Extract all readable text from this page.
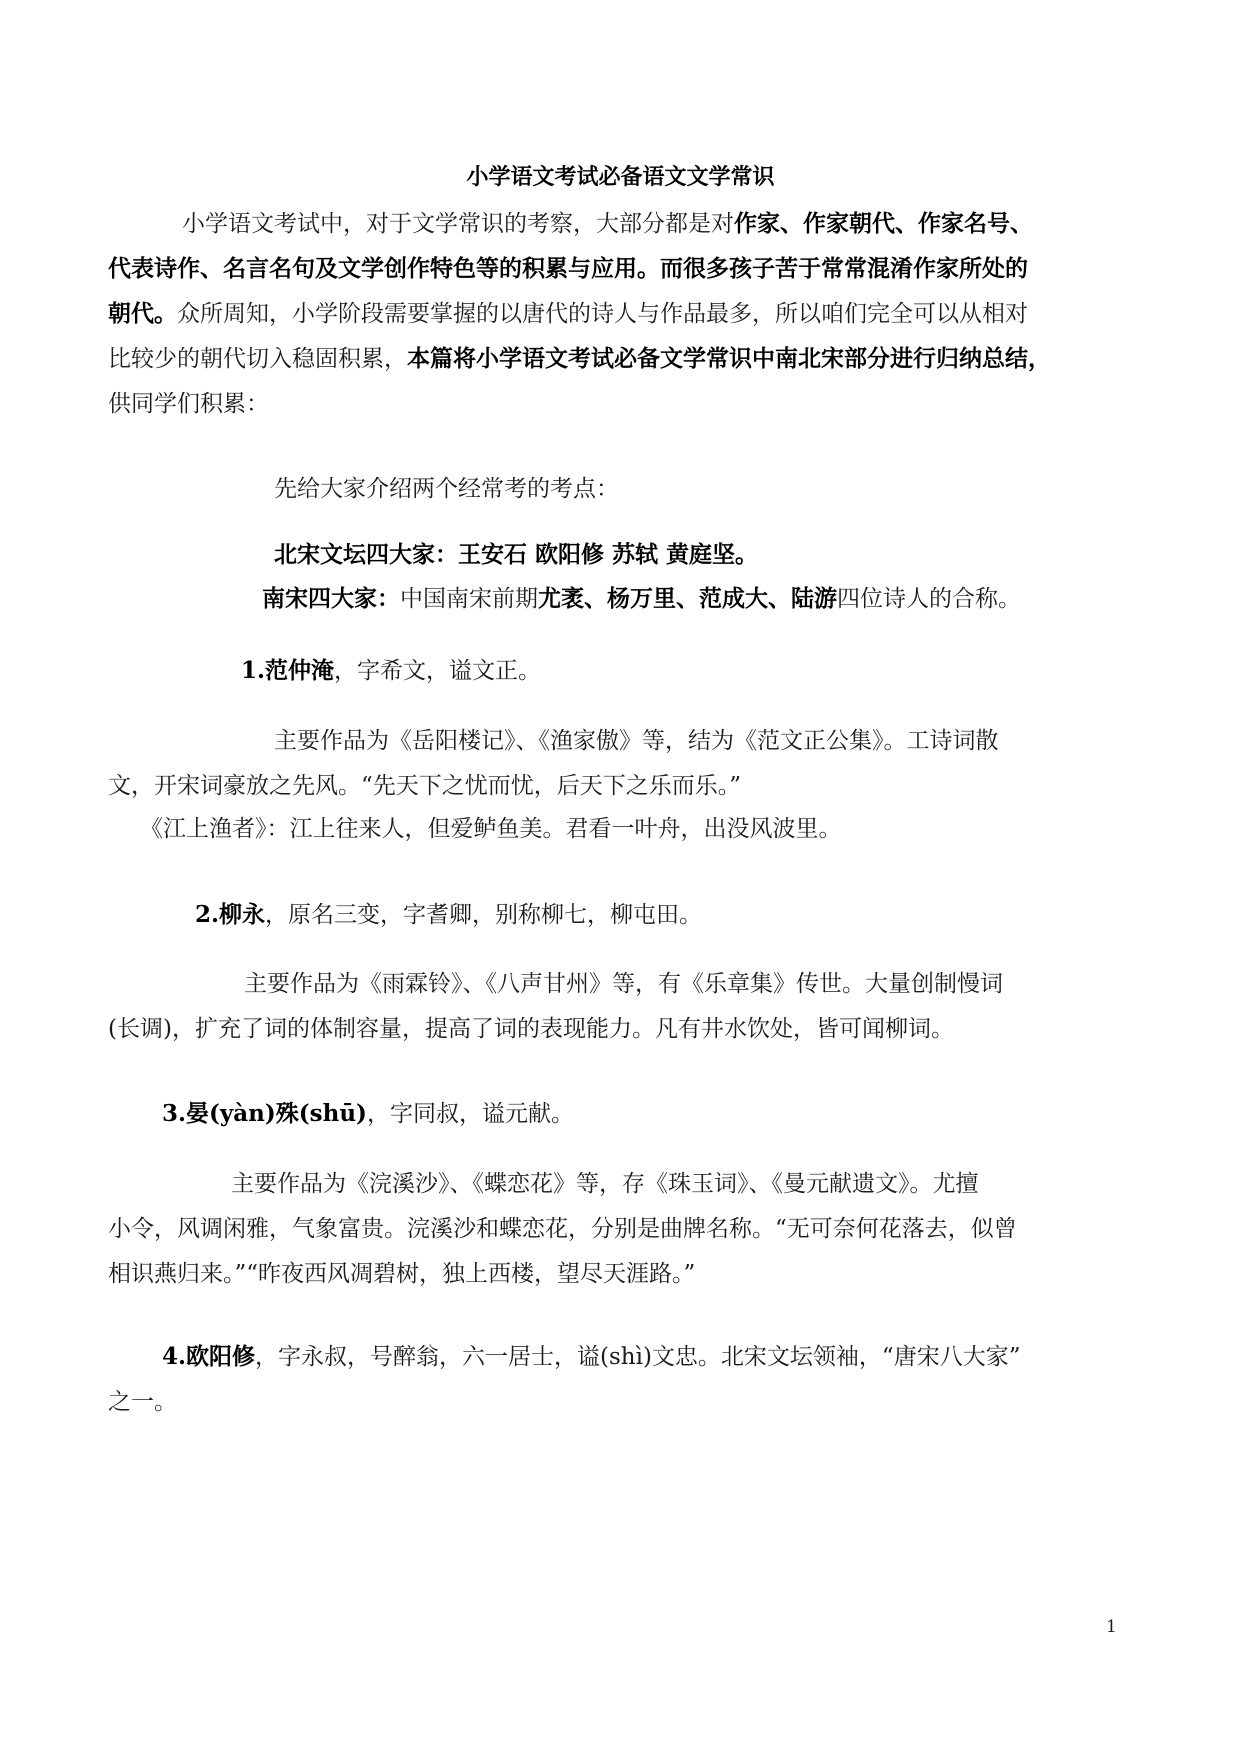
小学语文考试必备语文文学常识
小学语文考试中，对于文学常识的考察，大部分都是对作家、作家朝代、作家名号、
代表诗作、名言名句及文学创作特色等的积累与应用。而很多孩子苦于常常混淆作家所处的
朝代。众所周知，小学阶段需要掌握的以唐代的诗人与作品最多，所以咱们完全可以从相对
比较少的朝代切入稳固积累，本篇将小学语文考试必备文学常识中南北宋部分进行归纳总结，
供同学们积累：
先给大家介绍两个经常考的考点：
北宋文坛四大家：王安石 欧阳修 苏轼 黄庭坚。
南宋四大家：中国南宋前期尤袤、杨万里、范成大、陆游四位诗人的合称。
1.范仲淹，字希文，谥文正。
主要作品为《岳阳楼记》、《渔家傲》等，结为《范文正公集》。工诗词散
文，开宋词豪放之先风。“先天下之忧而忧，后天下之乐而乐。”
《江上渔者》：江上往来人，但爱鲈鱼美。君看一叶舟，出没风波里。
2.柳永，原名三变，字耆卿，别称柳七，柳屯田。
主要作品为《雨霖铃》、《八声甘州》等，有《乐章集》传世。大量创制慢词
(长调)，扩充了词的体制容量，提高了词的表现能力。凡有井水饮处，皆可闻柳词。
3.晏(yàn)殊(shū)，字同叔，谥元献。
主要作品为《浣溪沙》、《蝶恋花》等，存《珠玉词》、《曼元献遗文》。尤擅
小令，风调闲雅，气象富贵。浣溪沙和蝶恋花，分别是曲牌名称。“无可奈何花落去，似曾
相识燕归来。”“昨夜西风凋碧树，独上西楼，望尽天涯路。”
4.欧阳修，字永叔，号醉翁，六一居士，谥(shì)文忠。北宋文坛领袖，“唐宋八大家”
之一。
1
